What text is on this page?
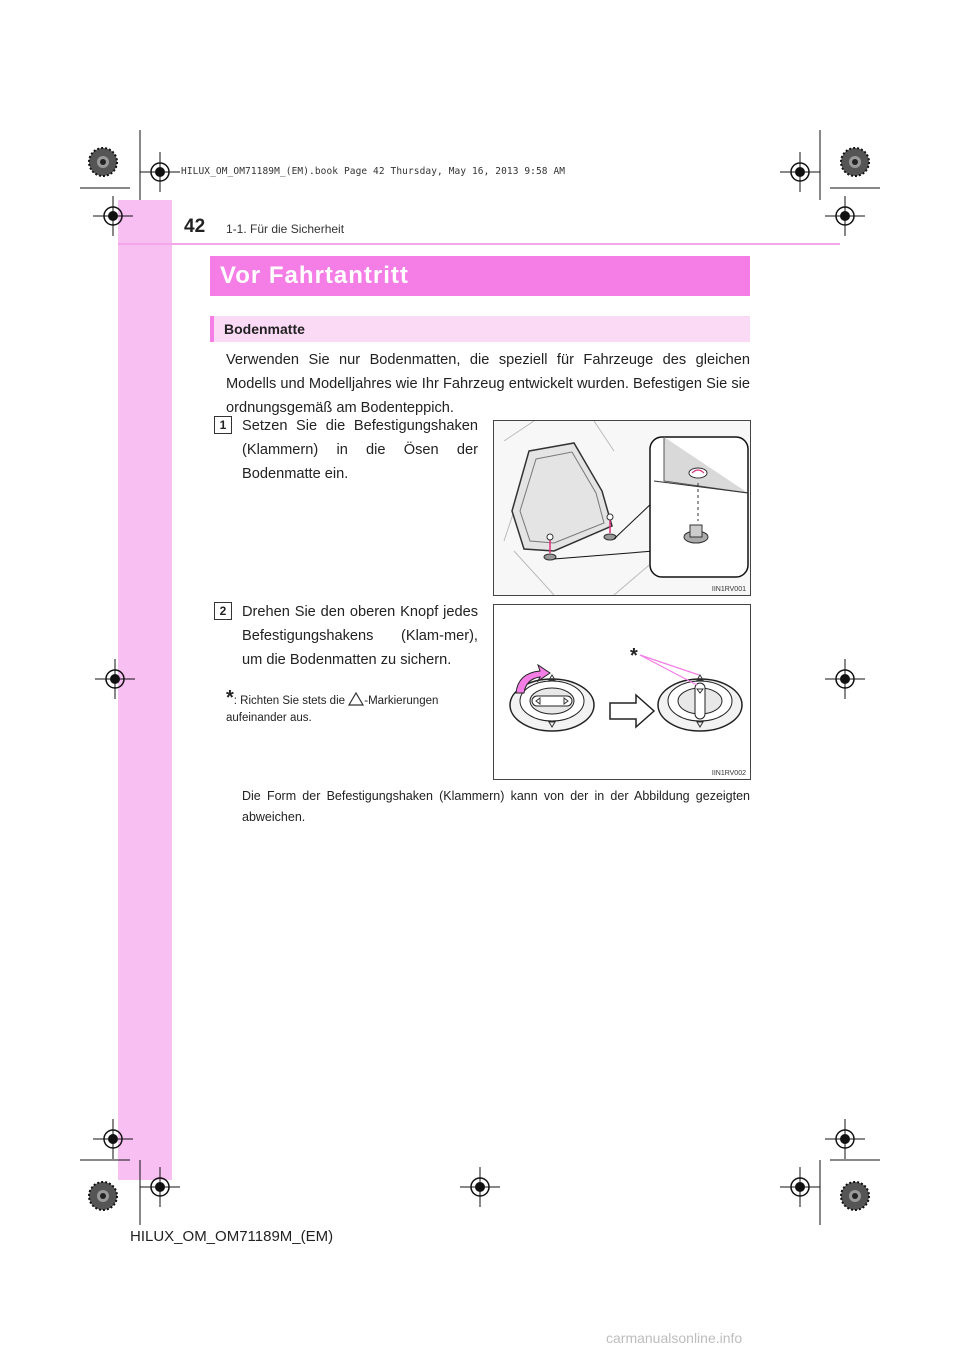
HILUX_OM_OM71189M_(EM).book Page 42 Thursday, May 16, 2013 9:58 AM
42 1-1. Für die Sicherheit
Vor Fahrtantritt
Bodenmatte
Verwenden Sie nur Bodenmatten, die speziell für Fahrzeuge des gleichen Modells und Modelljahres wie Ihr Fahrzeug entwickelt wurden. Befestigen Sie sie ordnungsgemäß am Bodenteppich.
1	Setzen Sie die Befestigungshaken (Klammern) in die Ösen der Bodenmatte ein.
IIN1RV001
2	Drehen Sie den oberen Knopf jedes Befestigungshakens (Klam-mer), um die Bodenmatten zu sichern.
*: Richten Sie stets die -Markierungen aufeinander aus.
*
IIN1RV002
Die Form der Befestigungshaken (Klammern) kann von der in der Abbildung gezeigten abweichen.
HILUX_OM_OM71189M_(EM)
carmanualsonline.info
